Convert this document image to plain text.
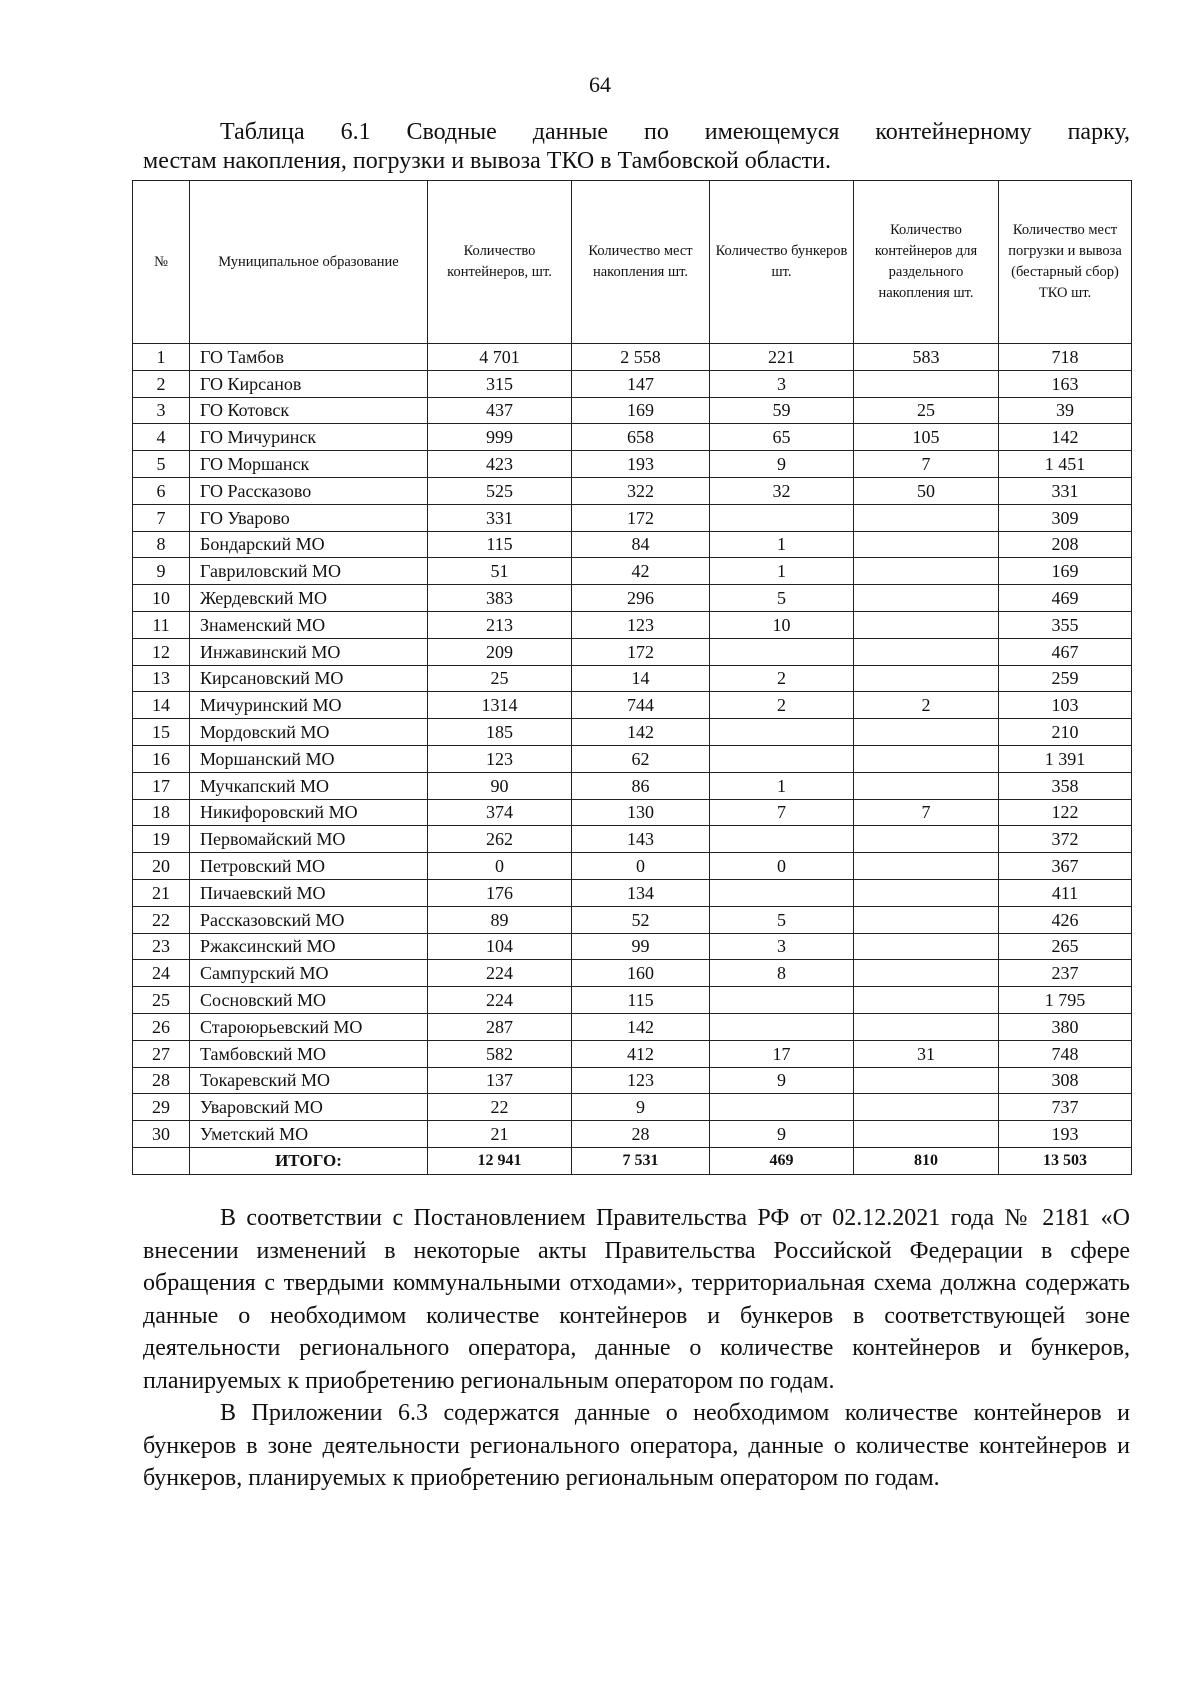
64
Таблица 6.1 Сводные данные по имеющемуся контейнерному парку,
местам накопления, погрузки и вывоза ТКО в Тамбовской области.
№	Муниципальное образование	Количество контейнеров, шт.	Количество мест накопления шт.	Количество бункеров шт.	Количество контейнеров для раздельного накопления шт.	Количество мест погрузки и вывоза (бестарный сбор) ТКО шт.
1	ГО Тамбов	4 701	2 558	221	583	718
2	ГО Кирсанов	315	147	3		163
3	ГО Котовск	437	169	59	25	39
4	ГО Мичуринск	999	658	65	105	142
5	ГО Моршанск	423	193	9	7	1 451
6	ГО Рассказово	525	322	32	50	331
7	ГО Уварово	331	172			309
8	Бондарский МО	115	84	1		208
9	Гавриловский МО	51	42	1		169
10	Жердевский МО	383	296	5		469
11	Знаменский МО	213	123	10		355
12	Инжавинский МО	209	172			467
13	Кирсановский МО	25	14	2		259
14	Мичуринский МО	1314	744	2	2	103
15	Мордовский МО	185	142			210
16	Моршанский МО	123	62			1 391
17	Мучкапский МО	90	86	1		358
18	Никифоровский МО	374	130	7	7	122
19	Первомайский МО	262	143			372
20	Петровский МО	0	0	0		367
21	Пичаевский МО	176	134			411
22	Рассказовский МО	89	52	5		426
23	Ржаксинский МО	104	99	3		265
24	Сампурский МО	224	160	8		237
25	Сосновский МО	224	115			1 795
26	Староюрьевский МО	287	142			380
27	Тамбовский МО	582	412	17	31	748
28	Токаревский МО	137	123	9		308
29	Уваровский МО	22	9			737
30	Уметский МО	21	28	9		193
	ИТОГО:	12 941	7 531	469	810	13 503

В соответствии с Постановлением Правительства РФ от 02.12.2021 года № 2181 «О внесении изменений в некоторые акты Правительства Российской Федерации в сфере обращения с твердыми коммунальными отходами», территориальная схема должна содержать данные о необходимом количестве контейнеров и бункеров в соответствующей зоне деятельности регионального оператора, данные о количестве контейнеров и бункеров, планируемых к приобретению региональным оператором по годам.

В Приложении 6.3 содержатся данные о необходимом количестве контейнеров и бункеров в зоне деятельности регионального оператора, данные о количестве контейнеров и бункеров, планируемых к приобретению региональным оператором по годам.
